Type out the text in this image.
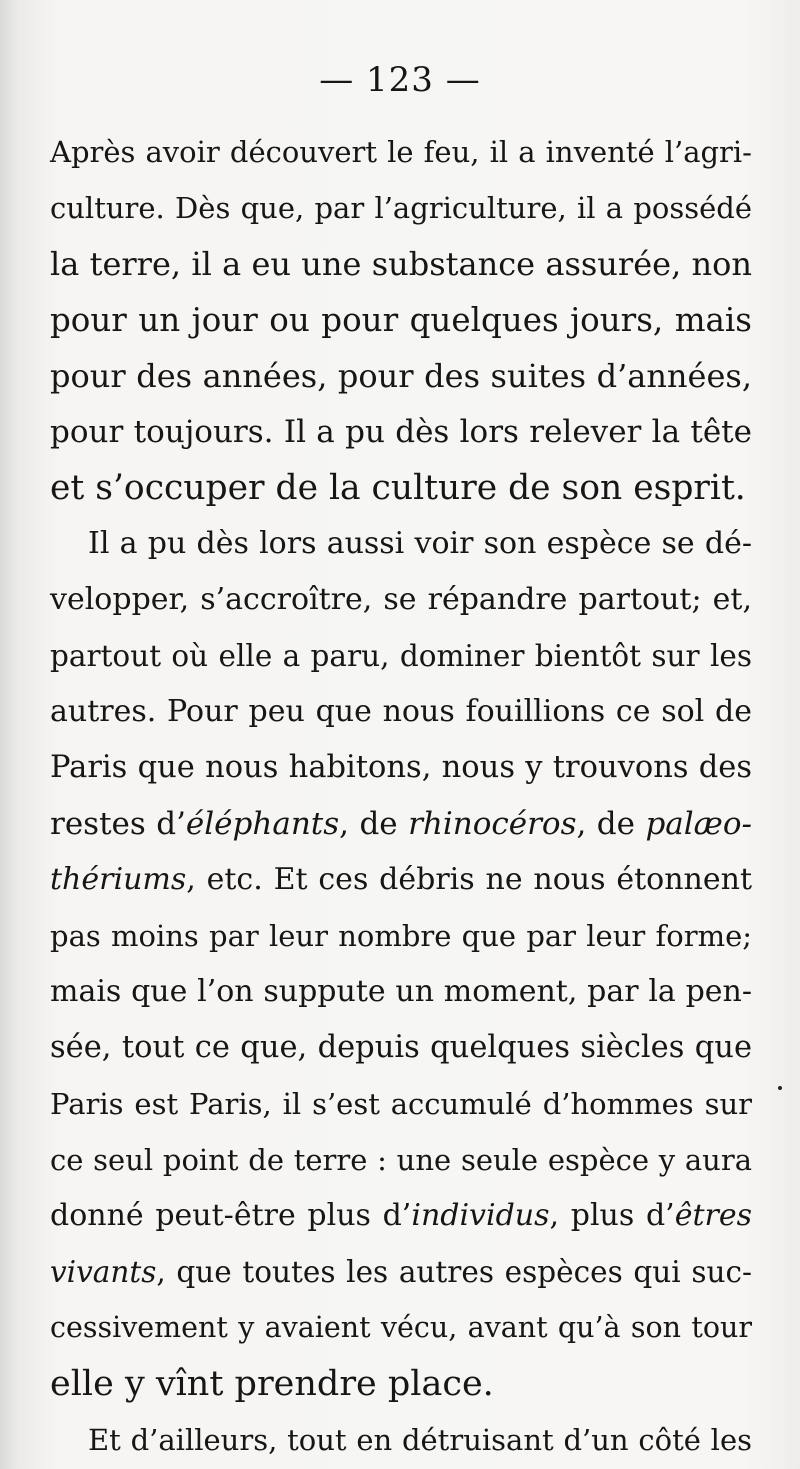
— 123 —
Après avoir découvert le feu, il a inventé l’agri-
culture. Dès que, par l’agriculture, il a possédé
la terre, il a eu une substance assurée, non
pour un jour ou pour quelques jours, mais
pour des années, pour des suites d’années,
pour toujours. Il a pu dès lors relever la tête
et s’occuper de la culture de son esprit.
Il a pu dès lors aussi voir son espèce se dé-
velopper, s’accroître, se répandre partout; et,
partout où elle a paru, dominer bientôt sur les
autres. Pour peu que nous fouillions ce sol de
Paris que nous habitons, nous y trouvons des
restes d’éléphants, de rhinocéros, de palæo-
thériums, etc. Et ces débris ne nous étonnent
pas moins par leur nombre que par leur forme;
mais que l’on suppute un moment, par la pen-
sée, tout ce que, depuis quelques siècles que
Paris est Paris, il s’est accumulé d’hommes sur
ce seul point de terre : une seule espèce y aura
donné peut-être plus d’individus, plus d’êtres
vivants, que toutes les autres espèces qui suc-
cessivement y avaient vécu, avant qu’à son tour
elle y vînt prendre place.
Et d’ailleurs, tout en détruisant d’un côté les
